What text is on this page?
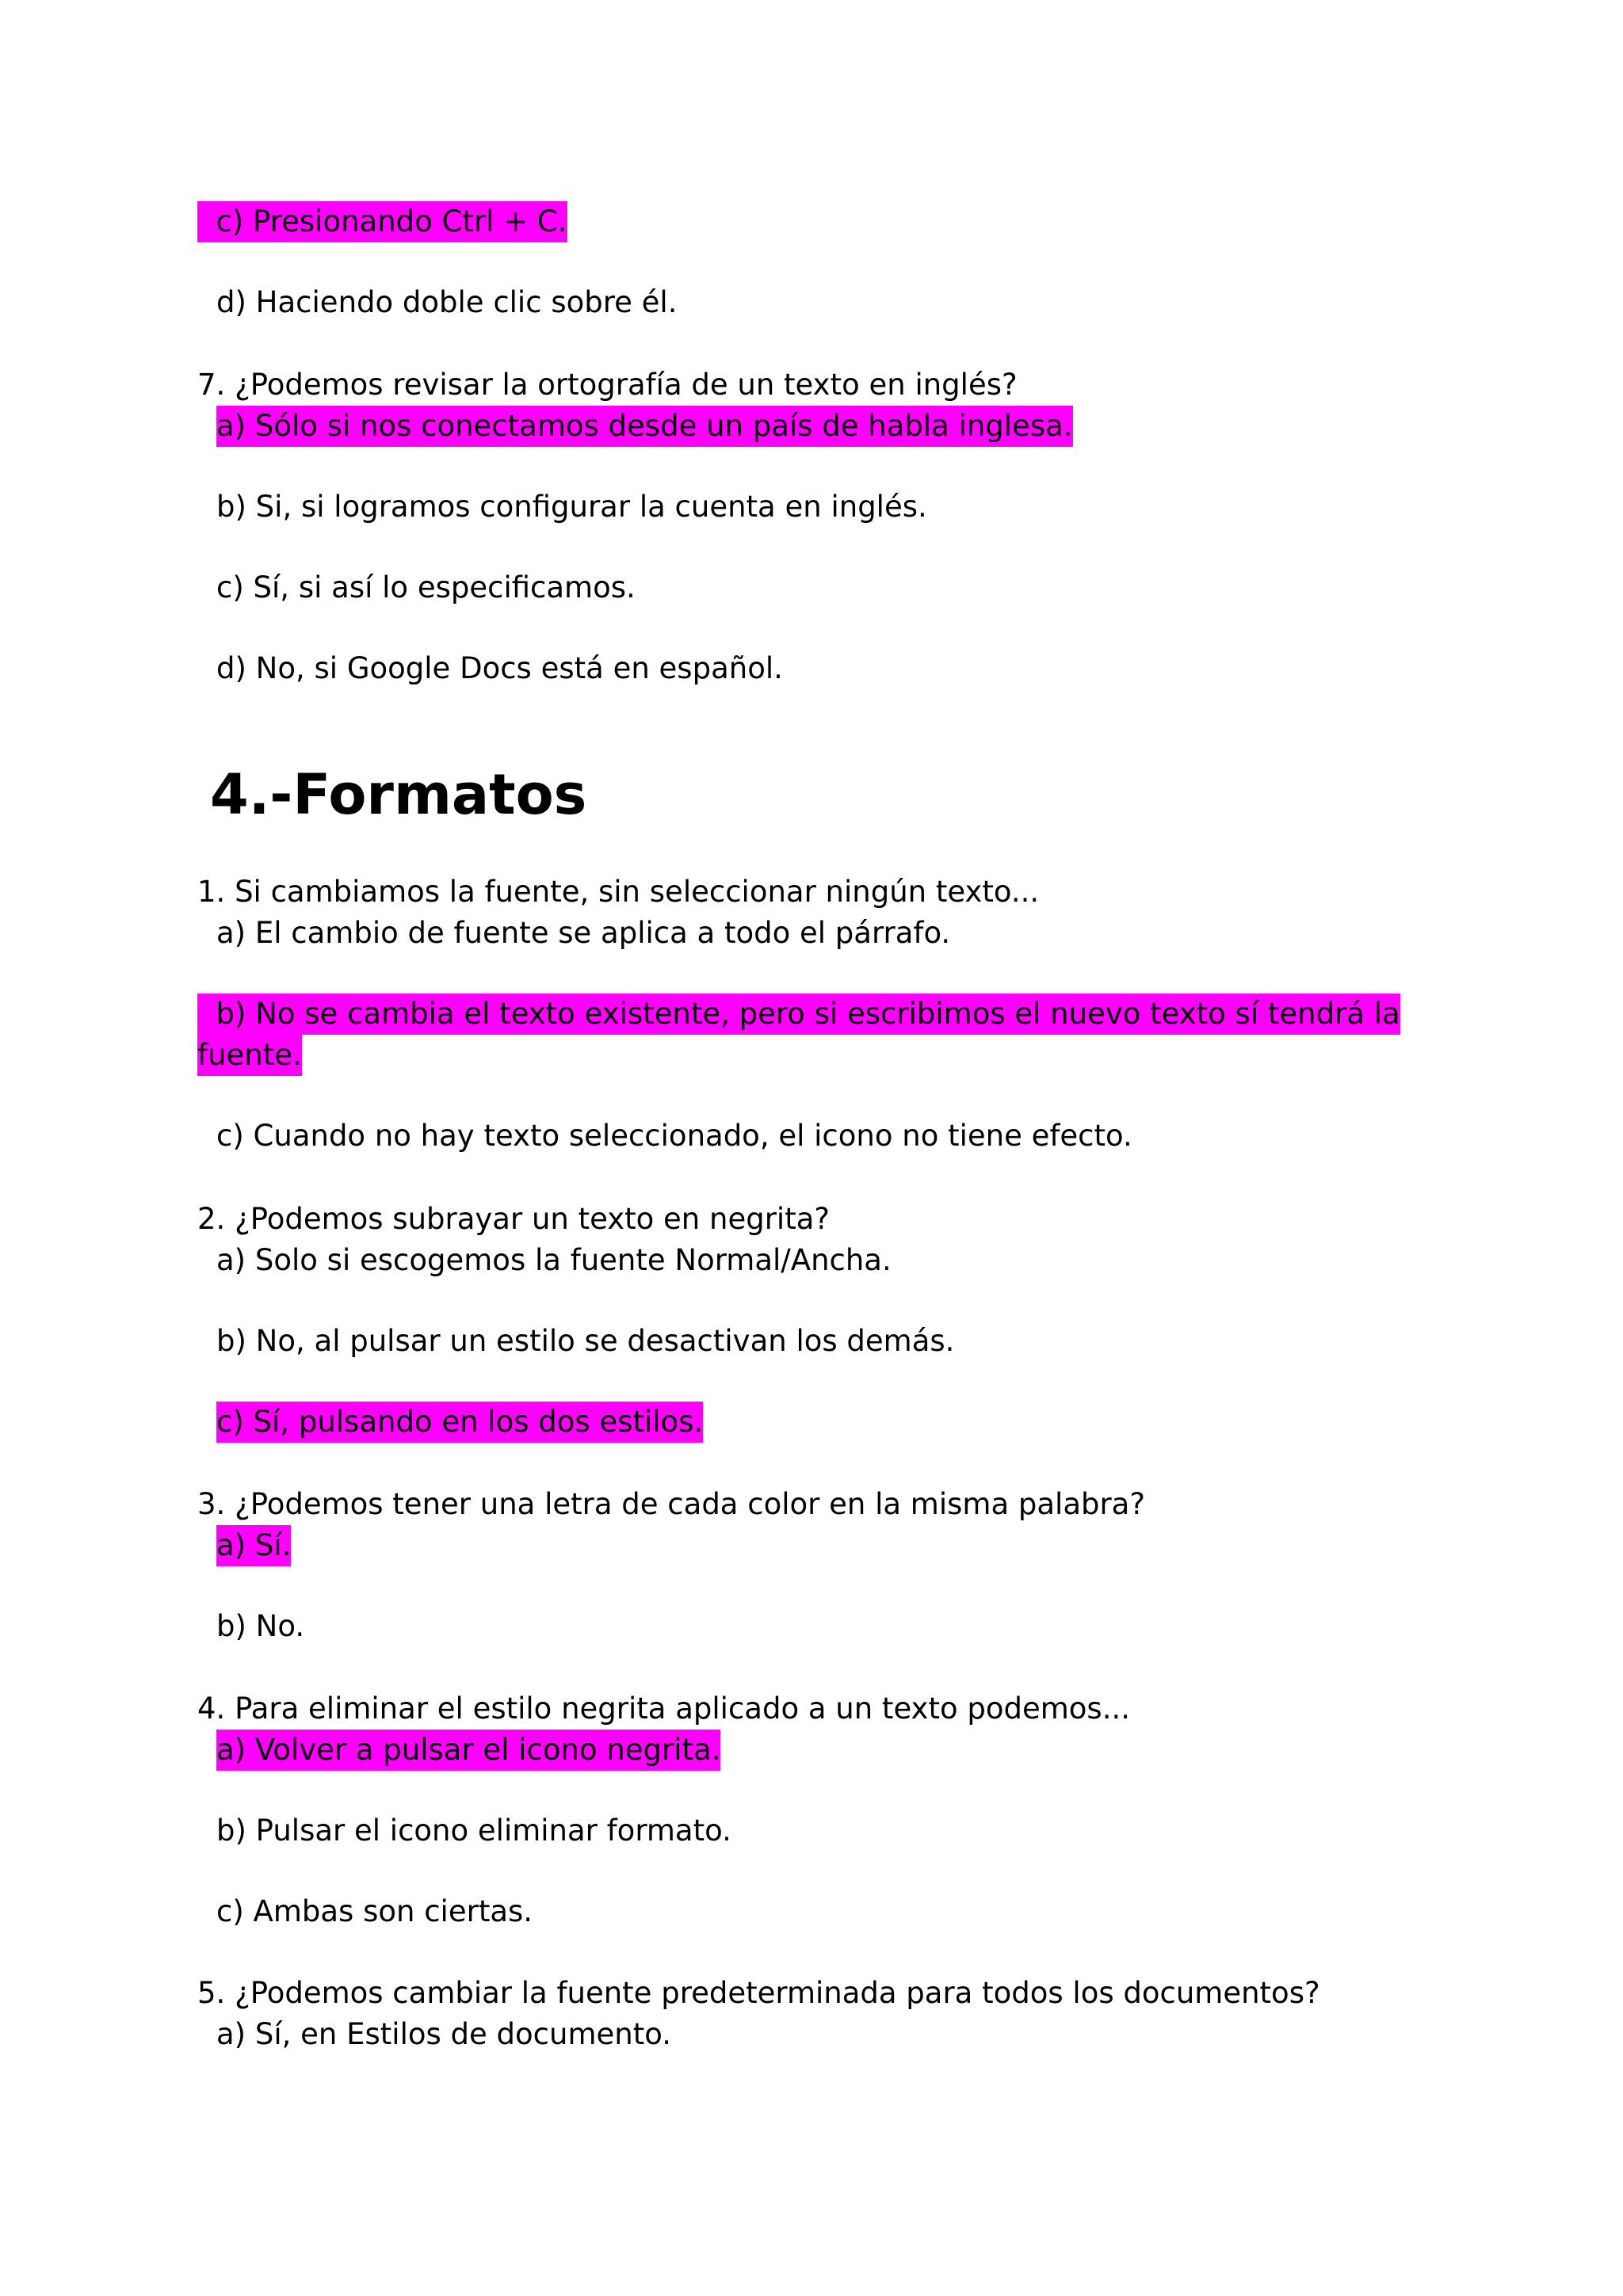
c) Presionando Ctrl + C.
d) Haciendo doble clic sobre él.
7. ¿Podemos revisar la ortografía de un texto en inglés?
a) Sólo si nos conectamos desde un país de habla inglesa.
b) Si, si logramos configurar la cuenta en inglés.
c) Sí, si así lo especificamos.
d) No, si Google Docs está en español.
4.-Formatos
1. Si cambiamos la fuente, sin seleccionar ningún texto...
a) El cambio de fuente se aplica a todo el párrafo.
b) No se cambia el texto existente, pero si escribimos el nuevo texto sí tendrá la
fuente.
c) Cuando no hay texto seleccionado, el icono no tiene efecto.
2. ¿Podemos subrayar un texto en negrita?
a) Solo si escogemos la fuente Normal/Ancha.
b) No, al pulsar un estilo se desactivan los demás.
c) Sí, pulsando en los dos estilos.
3. ¿Podemos tener una letra de cada color en la misma palabra?
a) Sí.
b) No.
4. Para eliminar el estilo negrita aplicado a un texto podemos...
a) Volver a pulsar el icono negrita.
b) Pulsar el icono eliminar formato.
c) Ambas son ciertas.
5. ¿Podemos cambiar la fuente predeterminada para todos los documentos?
a) Sí, en Estilos de documento.
